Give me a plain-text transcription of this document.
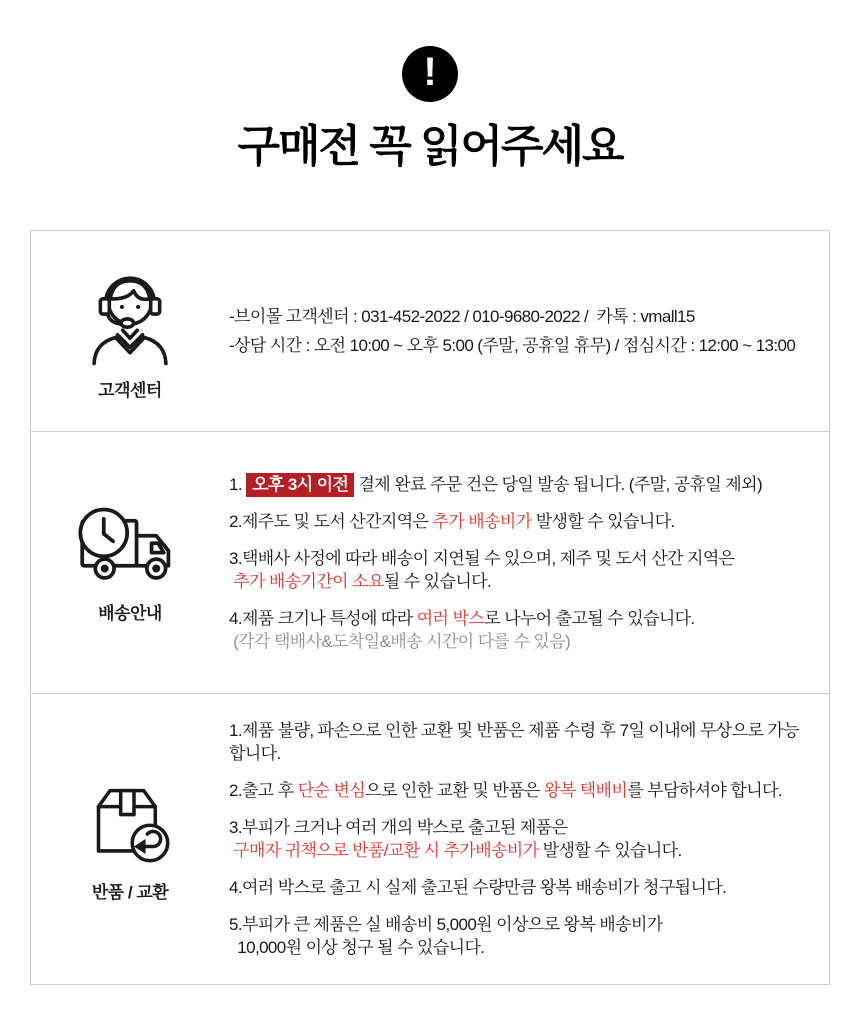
!
구매전 꼭 읽어주세요
고객센터
-브이몰 고객센터 : 031-452-2022 / 010-9680-2022 /  카톡 : vmall15
-상담 시간 : 오전 10:00 ~ 오후 5:00 (주말, 공휴일 휴무) / 점심시간 : 12:00 ~ 13:00
배송안내
1. 오후 3시 이전 결제 완료 주문 건은 당일 발송 됩니다. (주말, 공휴일 제외)
2.제주도 및 도서 산간지역은 추가 배송비가 발생할 수 있습니다.
3.택배사 사정에 따라 배송이 지연될 수 있으며, 제주 및 도서 산간 지역은
추가 배송기간이 소요될 수 있습니다.
4.제품 크기나 특성에 따라 여러 박스로 나누어 출고될 수 있습니다.
(각각 택배사&도착일&배송 시간이 다를 수 있음)
반품 / 교환
1.제품 불량, 파손으로 인한 교환 및 반품은 제품 수령 후 7일 이내에 무상으로 가능합니다.
2.출고 후 단순 변심으로 인한 교환 및 반품은 왕복 택배비를 부담하셔야 합니다.
3.부피가 크거나 여러 개의 박스로 출고된 제품은
구매자 귀책으로 반품/교환 시 추가배송비가 발생할 수 있습니다.
4.여러 박스로 출고 시 실제 출고된 수량만큼 왕복 배송비가 청구됩니다.
5.부피가 큰 제품은 실 배송비 5,000원 이상으로 왕복 배송비가
10,000원 이상 청구 될 수 있습니다.
